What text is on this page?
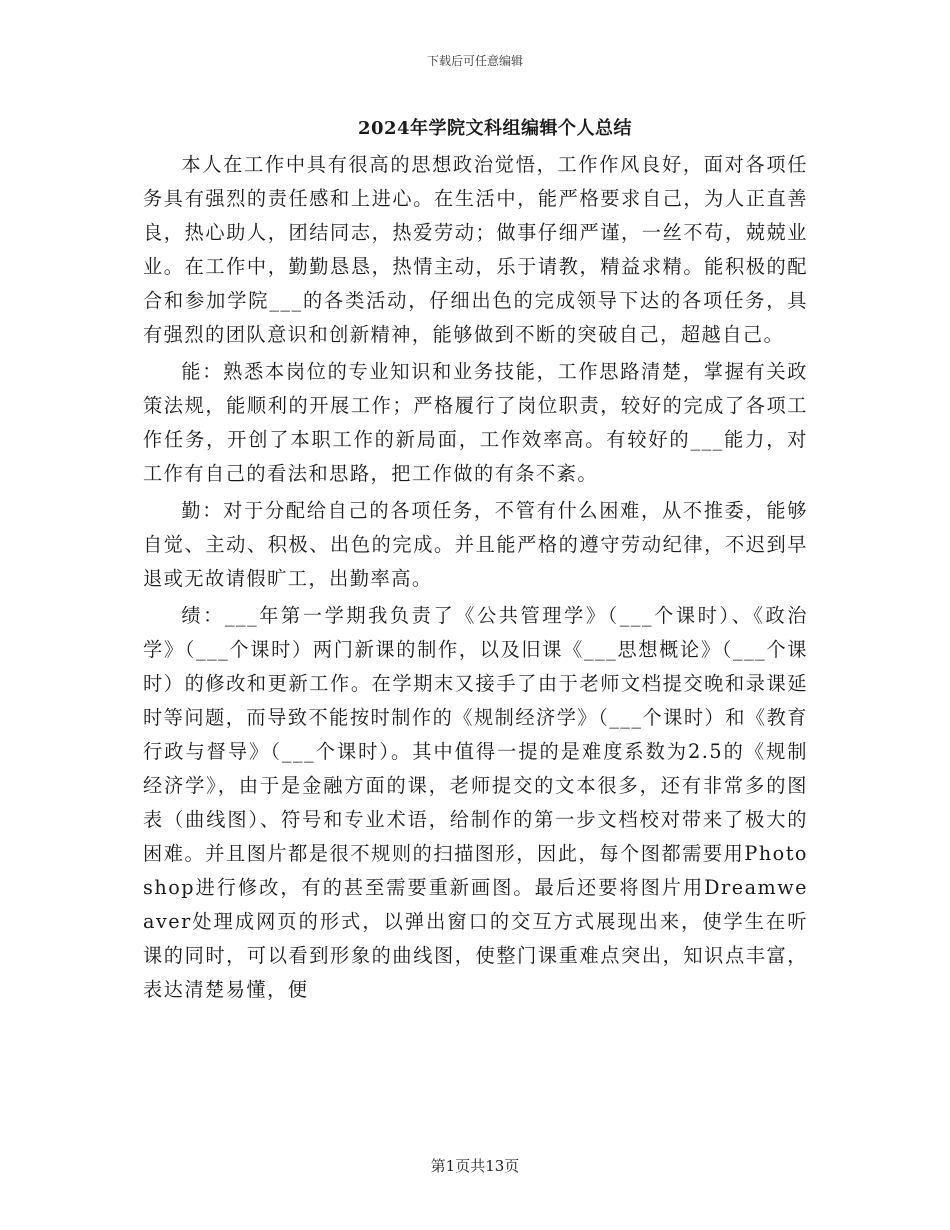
下载后可任意编辑
2024年学院文科组编辑个人总结

本人在工作中具有很高的思想政治觉悟，工作作风良好，面对各项任务具有强烈的责任感和上进心。在生活中，能严格要求自己，为人正直善良，热心助人，团结同志，热爱劳动；做事仔细严谨，一丝不苟，兢兢业业。在工作中，勤勤恳恳，热情主动，乐于请教，精益求精。能积极的配合和参加学院___的各类活动，仔细出色的完成领导下达的各项任务，具有强烈的团队意识和创新精神，能够做到不断的突破自己，超越自己。

能：熟悉本岗位的专业知识和业务技能，工作思路清楚，掌握有关政策法规，能顺利的开展工作；严格履行了岗位职责，较好的完成了各项工作任务，开创了本职工作的新局面，工作效率高。有较好的___能力，对工作有自己的看法和思路，把工作做的有条不紊。

勤：对于分配给自己的各项任务，不管有什么困难，从不推委，能够自觉、主动、积极、出色的完成。并且能严格的遵守劳动纪律，不迟到早退或无故请假旷工，出勤率高。

绩：___年第一学期我负责了《公共管理学》（___个课时）、《政治学》（___个课时）两门新课的制作，以及旧课《___思想概论》（___个课时）的修改和更新工作。在学期末又接手了由于老师文档提交晚和录课延时等问题，而导致不能按时制作的《规制经济学》（___个课时）和《教育行政与督导》（___个课时）。其中值得一提的是难度系数为2.5的《规制经济学》，由于是金融方面的课，老师提交的文本很多，还有非常多的图表（曲线图）、符号和专业术语，给制作的第一步文档校对带来了极大的困难。并且图片都是很不规则的扫描图形，因此，每个图都需要用Photoshop进行修改，有的甚至需要重新画图。最后还要将图片用Dreamweaver处理成网页的形式，以弹出窗口的交互方式展现出来，使学生在听课的同时，可以看到形象的曲线图，使整门课重难点突出，知识点丰富，表达清楚易懂，便

第1页共13页
